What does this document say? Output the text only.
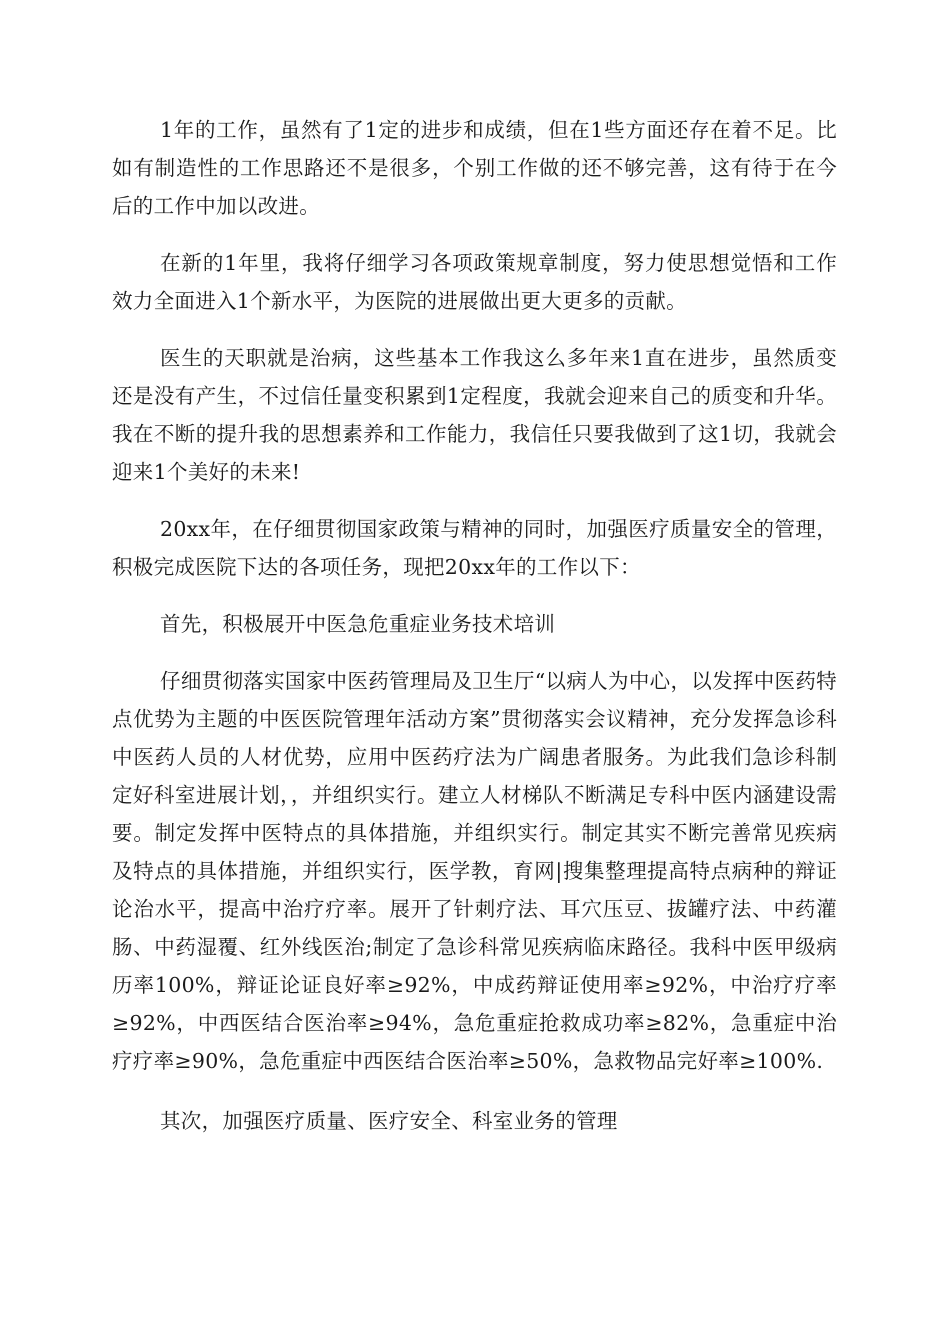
1年的工作，虽然有了1定的进步和成绩，但在1些方面还存在着不足。比如有制造性的工作思路还不是很多，个别工作做的还不够完善，这有待于在今后的工作中加以改进。

在新的1年里，我将仔细学习各项政策规章制度，努力使思想觉悟和工作效力全面进入1个新水平，为医院的进展做出更大更多的贡献。

医生的天职就是治病，这些基本工作我这么多年来1直在进步，虽然质变还是没有产生，不过信任量变积累到1定程度，我就会迎来自己的质变和升华。我在不断的提升我的思想素养和工作能力，我信任只要我做到了这1切，我就会迎来1个美好的未来!

20xx年，在仔细贯彻国家政策与精神的同时，加强医疗质量安全的管理，积极完成医院下达的各项任务，现把20xx年的工作以下：

首先，积极展开中医急危重症业务技术培训

仔细贯彻落实国家中医药管理局及卫生厅“以病人为中心，以发挥中医药特点优势为主题的中医医院管理年活动方案”贯彻落实会议精神，充分发挥急诊科中医药人员的人材优势，应用中医药疗法为广阔患者服务。为此我们急诊科制定好科室进展计划，，并组织实行。建立人材梯队不断满足专科中医内涵建设需要。制定发挥中医特点的具体措施，并组织实行。制定其实不断完善常见疾病及特点的具体措施，并组织实行，医学教，育网|搜集整理提高特点病种的辩证论治水平，提高中治疗疗率。展开了针刺疗法、耳穴压豆、拔罐疗法、中药灌肠、中药湿覆、红外线医治;制定了急诊科常见疾病临床路径。我科中医甲级病历率100%，辩证论证良好率≥92%，中成药辩证使用率≥92%，中治疗疗率≥92%，中西医结合医治率≥94%，急危重症抢救成功率≥82%，急重症中治疗疗率≥90%，急危重症中西医结合医治率≥50%，急救物品完好率≥100%.

其次，加强医疗质量、医疗安全、科室业务的管理
